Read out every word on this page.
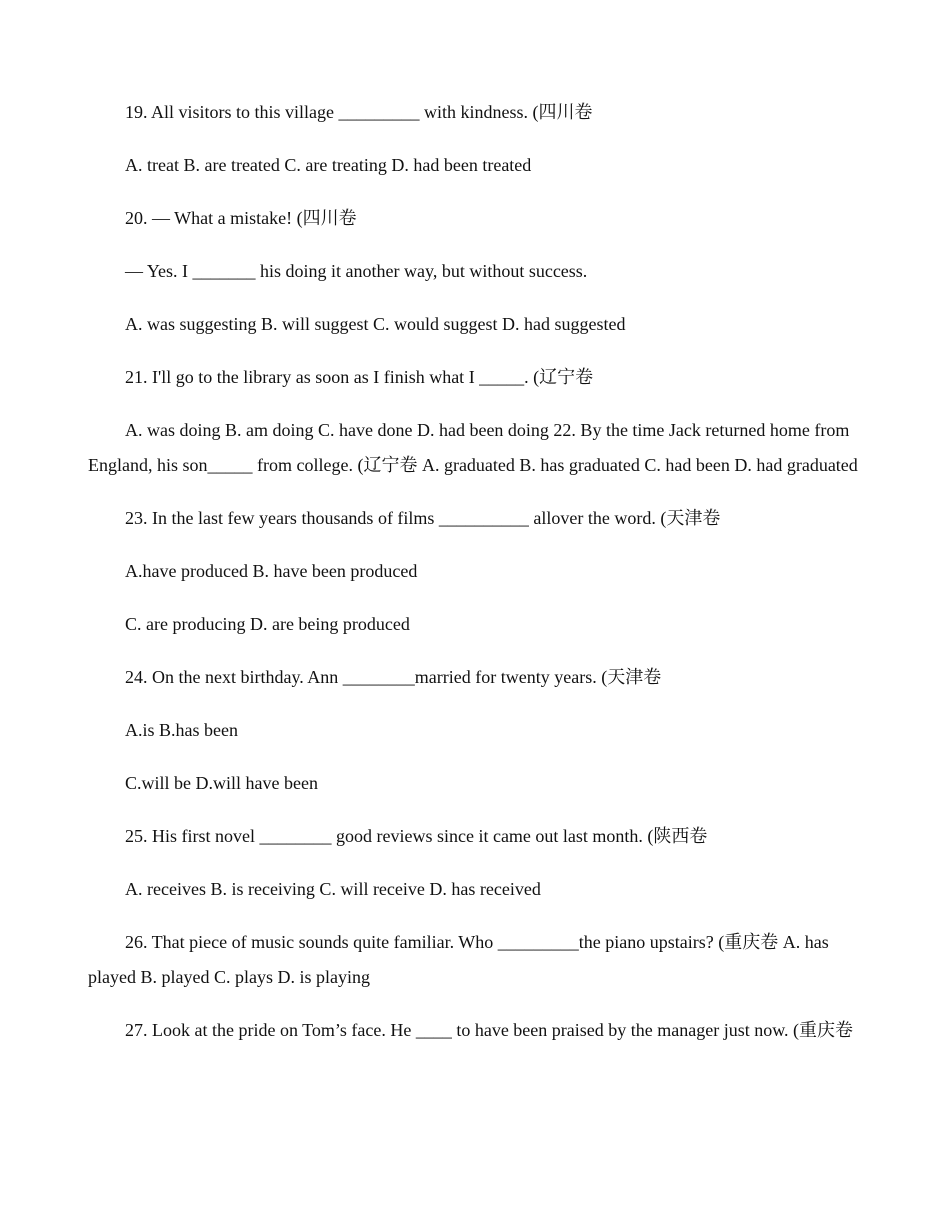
19. All visitors to this village _________ with kindness. (四川卷

A. treat B. are treated C. are treating D. had been treated

20. — What a mistake! (四川卷

— Yes. I _______ his doing it another way, but without success.

A. was suggesting B. will suggest C. would suggest D. had suggested

21. I'll go to the library as soon as I finish what I _____. (辽宁卷

A. was doing B. am doing C. have done D. had been doing 22. By the time Jack returned home from England, his son_____ from college. (辽宁卷 A. graduated B. has graduated C. had been D. had graduated

23. In the last few years thousands of films __________ allover the word. (天津卷

A.have produced B. have been produced

C. are producing D. are being produced

24. On the next birthday. Ann ________married for twenty years. (天津卷

A.is B.has been

C.will be D.will have been

25. His first novel ________ good reviews since it came out last month. (陕西卷

A. receives B. is receiving C. will receive D. has received

26. That piece of music sounds quite familiar. Who _________the piano upstairs? (重庆卷 A. has played B. played C. plays D. is playing

27. Look at the pride on Tom’s face. He ____ to have been praised by the manager just now. (重庆卷
